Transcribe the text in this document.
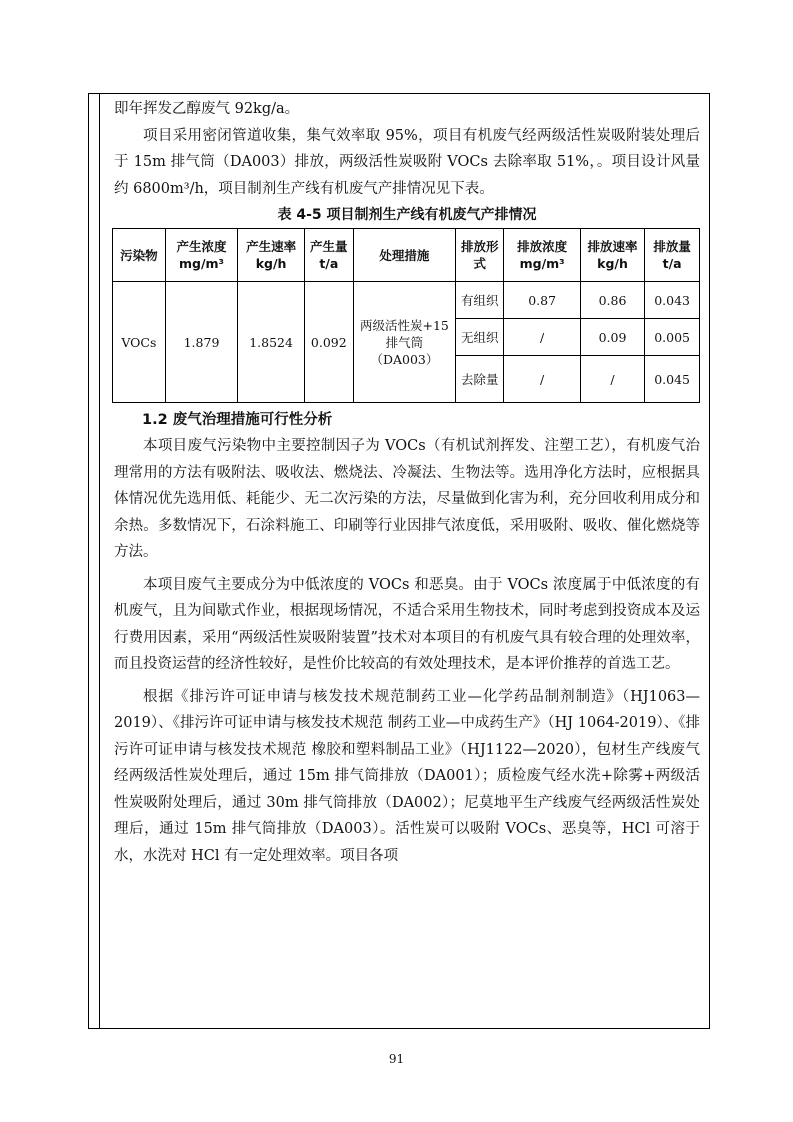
即年挥发乙醇废气 92kg/a。

项目采用密闭管道收集，集气效率取 95%，项目有机废气经两级活性炭吸附装处理后于 15m 排气筒（DA003）排放，两级活性炭吸附 VOCs 去除率取 51%，。项目设计风量约 6800m³/h，项目制剂生产线有机废气产排情况见下表。

表 4-5 项目制剂生产线有机废气产排情况
污染物	产生浓度 mg/m³	产生速率 kg/h	产生量 t/a	处理措施	排放形式	排放浓度 mg/m³	排放速率 kg/h	排放量 t/a
VOCs	1.879	1.8524	0.092	两级活性炭+15 排气筒（DA003）	有组织	0.87	0.86	0.043
					无组织	/	0.09	0.005
					去除量	/	/	0.045
1.2 废气治理措施可行性分析

本项目废气污染物中主要控制因子为 VOCs（有机试剂挥发、注塑工艺），有机废气治理常用的方法有吸附法、吸收法、燃烧法、冷凝法、生物法等。选用净化方法时，应根据具体情况优先选用低、耗能少、无二次污染的方法，尽量做到化害为利，充分回收利用成分和余热。多数情况下，石涂料施工、印刷等行业因排气浓度低，采用吸附、吸收、催化燃烧等方法。

本项目废气主要成分为中低浓度的 VOCs 和恶臭。由于 VOCs 浓度属于中低浓度的有机废气，且为间歇式作业，根据现场情况，不适合采用生物技术，同时考虑到投资成本及运行费用因素，采用“两级活性炭吸附装置”技术对本项目的有机废气具有较合理的处理效率，而且投资运营的经济性较好，是性价比较高的有效处理技术，是本评价推荐的首选工艺。

根据《排污许可证申请与核发技术规范制药工业—化学药品制剂制造》（HJ1063—2019）、《排污许可证申请与核发技术规范 制药工业—中成药生产》（HJ 1064-2019）、《排污许可证申请与核发技术规范 橡胶和塑料制品工业》（HJ1122—2020），包材生产线废气经两级活性炭处理后，通过 15m 排气筒排放（DA001）；质检废气经水洗+除雾+两级活性炭吸附处理后，通过 30m 排气筒排放（DA002）；尼莫地平生产线废气经两级活性炭处理后，通过 15m 排气筒排放（DA003）。活性炭可以吸附 VOCs、恶臭等，HCl 可溶于水，水洗对 HCl 有一定处理效率。项目各项

91
